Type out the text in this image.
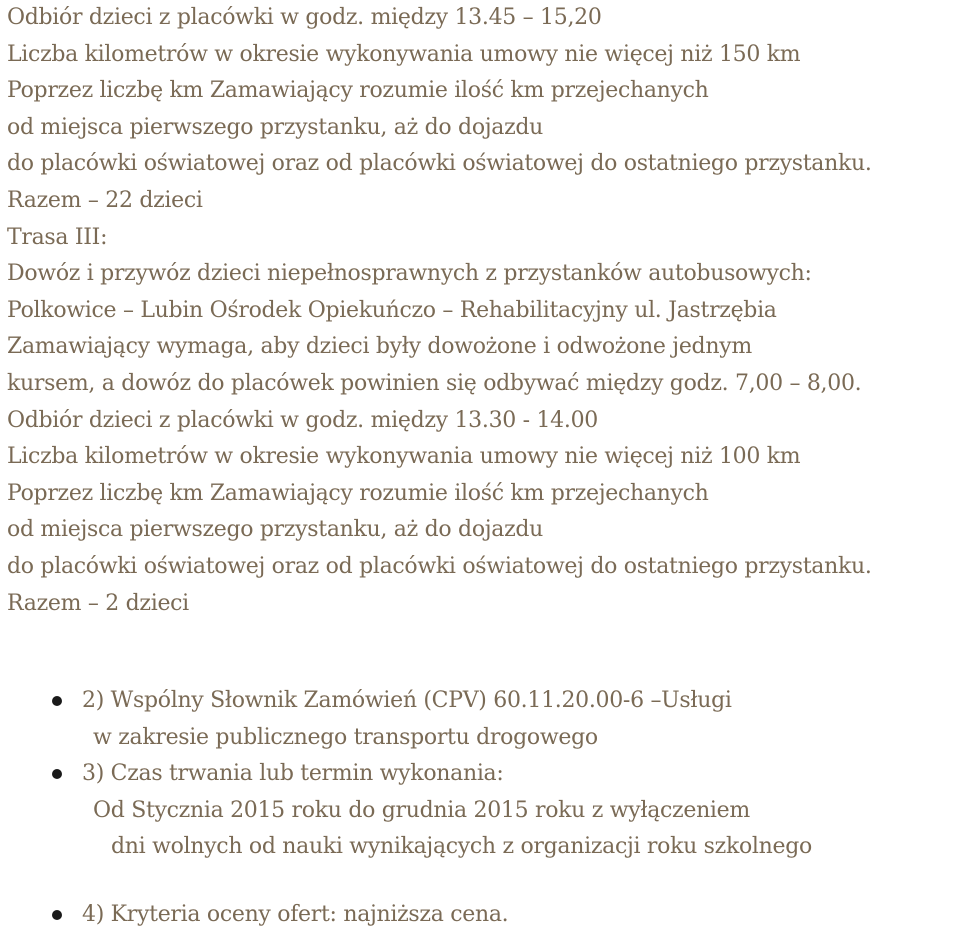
Odbiór dzieci z placówki w godz. między 13.45 – 15,20
Liczba kilometrów w okresie wykonywania umowy nie więcej niż 150 km
Poprzez liczbę km Zamawiający rozumie ilość km przejechanych
od miejsca pierwszego przystanku, aż do dojazdu
do placówki oświatowej oraz od placówki oświatowej do ostatniego przystanku.
Razem – 22 dzieci
Trasa III:
Dowóz i przywóz dzieci niepełnosprawnych z przystanków autobusowych:
Polkowice – Lubin Ośrodek Opiekuńczo – Rehabilitacyjny ul. Jastrzębia
Zamawiający wymaga, aby dzieci były dowożone i odwożone jednym
kursem, a dowóz do placówek powinien się odbywać między godz. 7,00 – 8,00.
Odbiór dzieci z placówki w godz. między 13.30 - 14.00
Liczba kilometrów w okresie wykonywania umowy nie więcej niż 100 km
Poprzez liczbę km Zamawiający rozumie ilość km przejechanych
od miejsca pierwszego przystanku, aż do dojazdu
do placówki oświatowej oraz od placówki oświatowej do ostatniego przystanku.
Razem – 2 dzieci
2) Wspólny Słownik Zamówień (CPV) 60.11.20.00-6 –Usługi
w zakresie publicznego transportu drogowego
3) Czas trwania lub termin wykonania:
Od Stycznia 2015 roku do grudnia 2015 roku z wyłączeniem
dni wolnych od nauki wynikających z organizacji roku szkolnego
4) Kryteria oceny ofert: najniższa cena.
